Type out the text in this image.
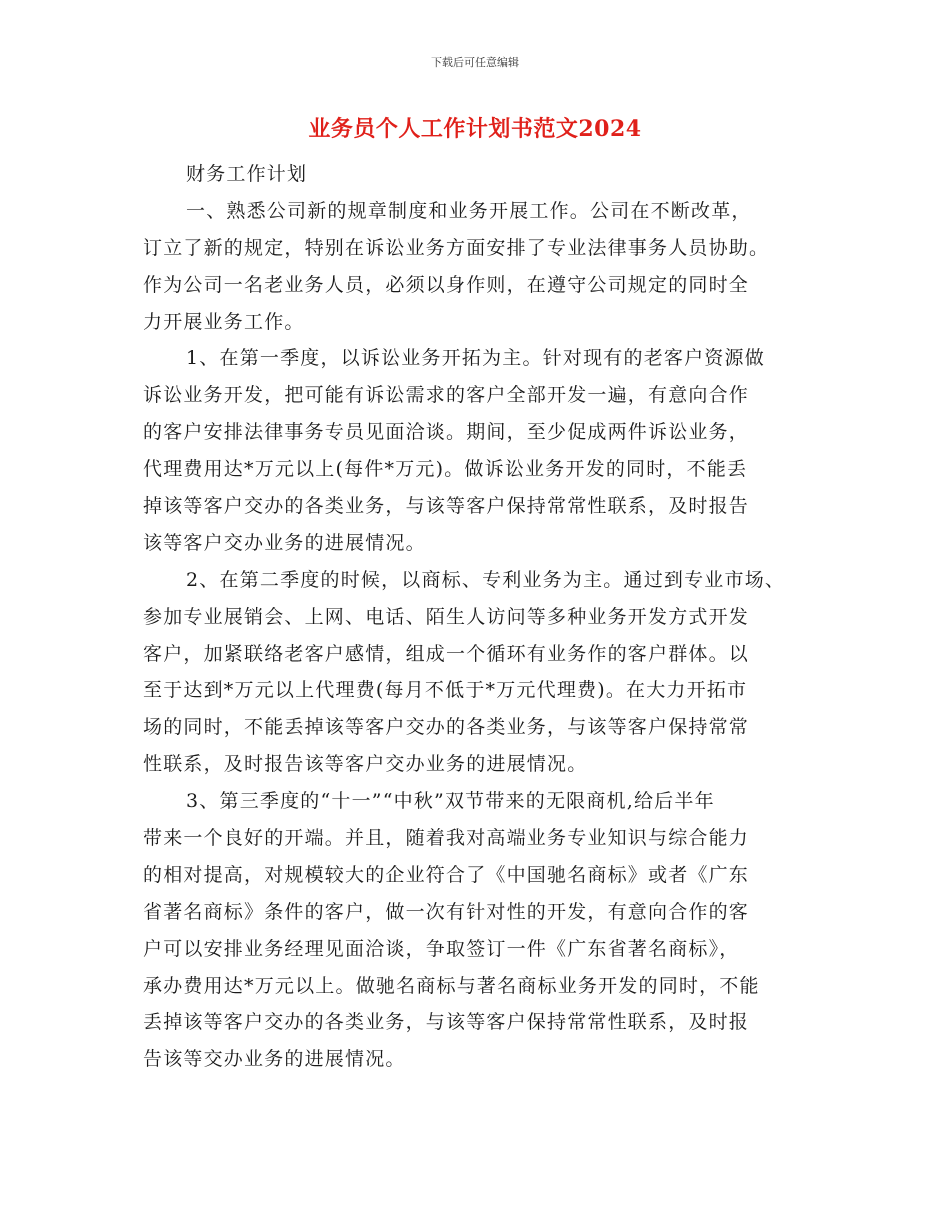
下载后可任意编辑
业务员个人工作计划书范文2024
财务工作计划
一、熟悉公司新的规章制度和业务开展工作。公司在不断改革，
订立了新的规定，特别在诉讼业务方面安排了专业法律事务人员协助。
作为公司一名老业务人员，必须以身作则，在遵守公司规定的同时全
力开展业务工作。
1、在第一季度，以诉讼业务开拓为主。针对现有的老客户资源做
诉讼业务开发，把可能有诉讼需求的客户全部开发一遍，有意向合作
的客户安排法律事务专员见面洽谈。期间，至少促成两件诉讼业务，
代理费用达*万元以上(每件*万元)。做诉讼业务开发的同时，不能丢
掉该等客户交办的各类业务，与该等客户保持常常性联系，及时报告
该等客户交办业务的进展情况。
2、在第二季度的时候，以商标、专利业务为主。通过到专业市场、
参加专业展销会、上网、电话、陌生人访问等多种业务开发方式开发
客户，加紧联络老客户感情，组成一个循环有业务作的客户群体。以
至于达到*万元以上代理费(每月不低于*万元代理费)。在大力开拓市
场的同时，不能丢掉该等客户交办的各类业务，与该等客户保持常常
性联系，及时报告该等客户交办业务的进展情况。
3、第三季度的“十一”“中秋”双节带来的无限商机,给后半年
带来一个良好的开端。并且，随着我对高端业务专业知识与综合能力
的相对提高，对规模较大的企业符合了《中国驰名商标》或者《广东
省著名商标》条件的客户，做一次有针对性的开发，有意向合作的客
户可以安排业务经理见面洽谈，争取签订一件《广东省著名商标》，
承办费用达*万元以上。做驰名商标与著名商标业务开发的同时，不能
丢掉该等客户交办的各类业务，与该等客户保持常常性联系，及时报
告该等交办业务的进展情况。
